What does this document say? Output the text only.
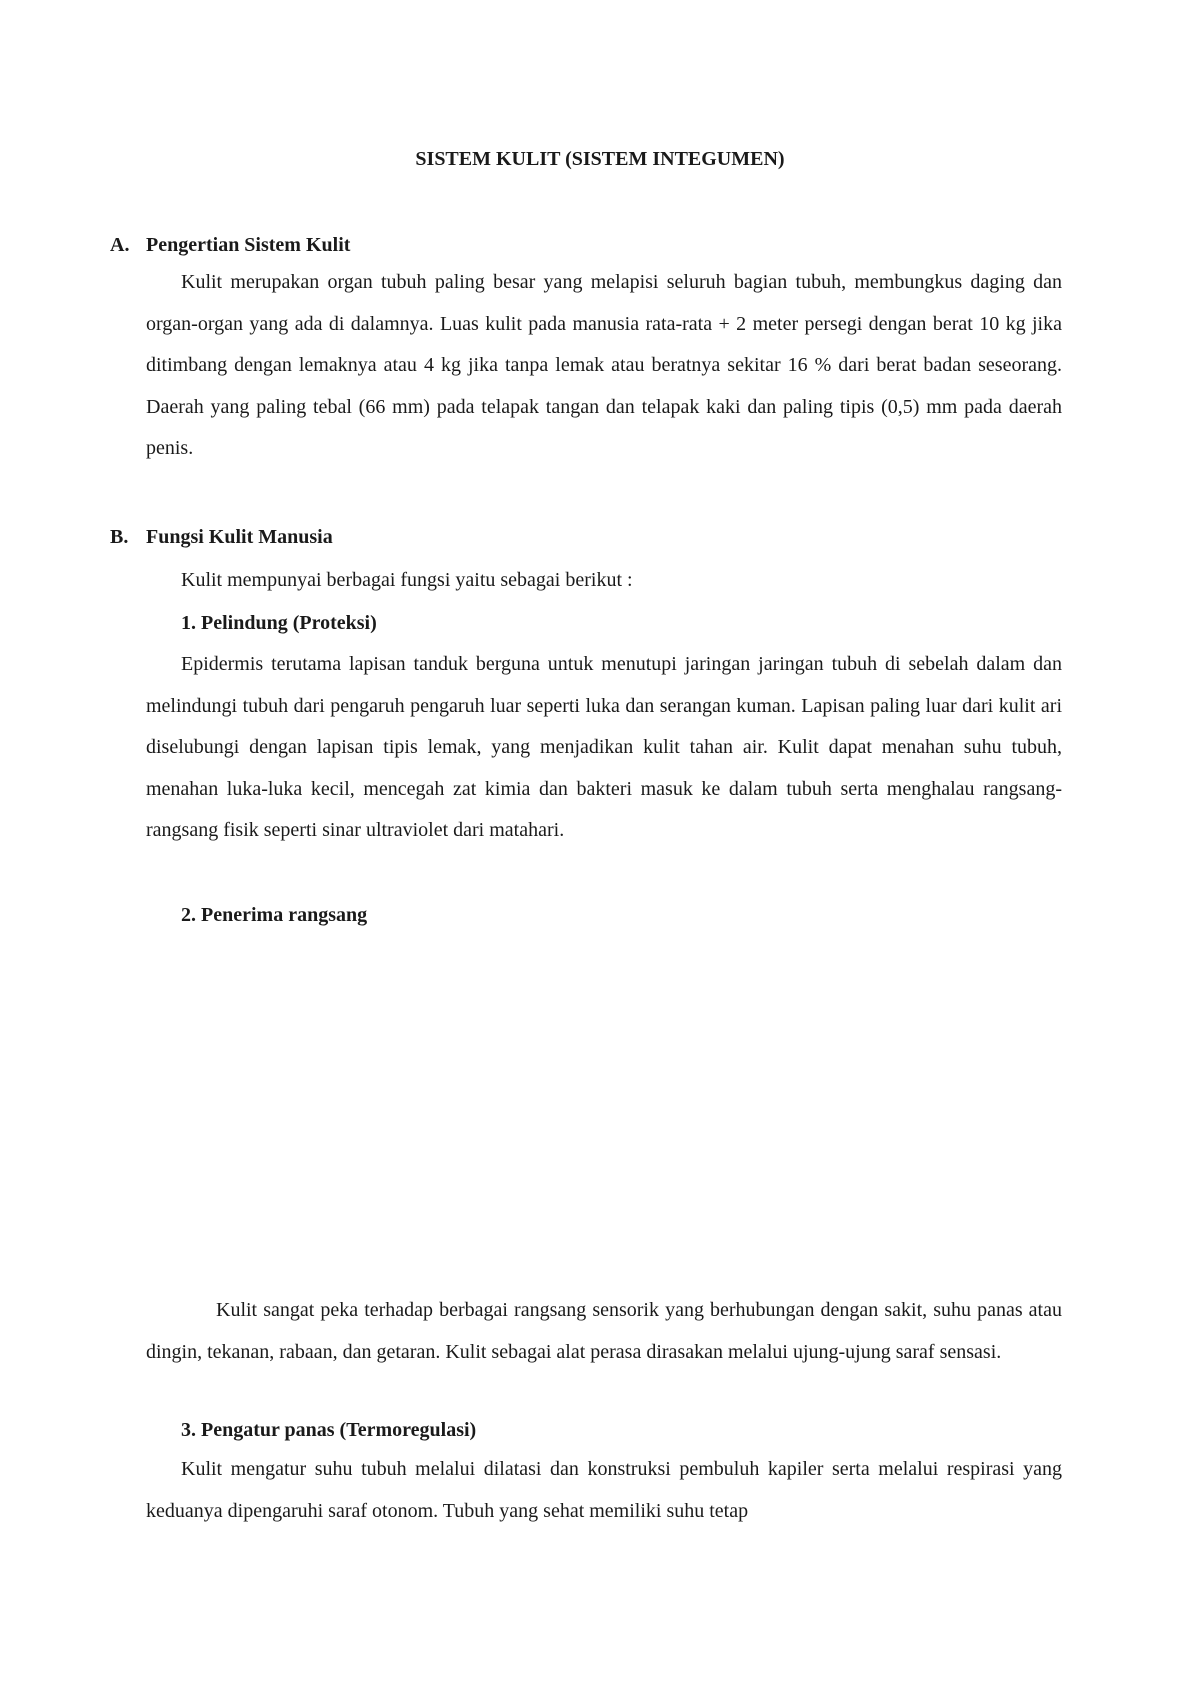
SISTEM KULIT (SISTEM INTEGUMEN)
A. Pengertian Sistem Kulit
Kulit merupakan organ tubuh paling besar yang melapisi seluruh bagian tubuh, membungkus daging dan organ-organ yang ada di dalamnya. Luas kulit pada manusia rata-rata + 2 meter persegi dengan berat 10 kg jika ditimbang dengan lemaknya atau 4 kg jika tanpa lemak atau beratnya sekitar 16 % dari berat badan seseorang. Daerah yang paling tebal (66 mm) pada telapak tangan dan telapak kaki dan paling tipis (0,5) mm pada daerah penis.
B. Fungsi Kulit Manusia
Kulit mempunyai berbagai fungsi yaitu sebagai berikut :
1. Pelindung (Proteksi)
Epidermis terutama lapisan tanduk berguna untuk menutupi jaringan jaringan tubuh di sebelah dalam dan melindungi tubuh dari pengaruh pengaruh luar seperti luka dan serangan kuman. Lapisan paling luar dari kulit ari diselubungi dengan lapisan tipis lemak, yang menjadikan kulit tahan air. Kulit dapat menahan suhu tubuh, menahan luka-luka kecil, mencegah zat kimia dan bakteri masuk ke dalam tubuh serta menghalau rangsang-rangsang fisik seperti sinar ultraviolet dari matahari.
2. Penerima rangsang
Kulit sangat peka terhadap berbagai rangsang sensorik yang berhubungan dengan sakit, suhu panas atau dingin, tekanan, rabaan, dan getaran. Kulit sebagai alat perasa dirasakan melalui ujung-ujung saraf sensasi.
3. Pengatur panas (Termoregulasi)
Kulit mengatur suhu tubuh melalui dilatasi dan konstruksi pembuluh kapiler serta melalui respirasi yang keduanya dipengaruhi saraf otonom. Tubuh yang sehat memiliki suhu tetap
